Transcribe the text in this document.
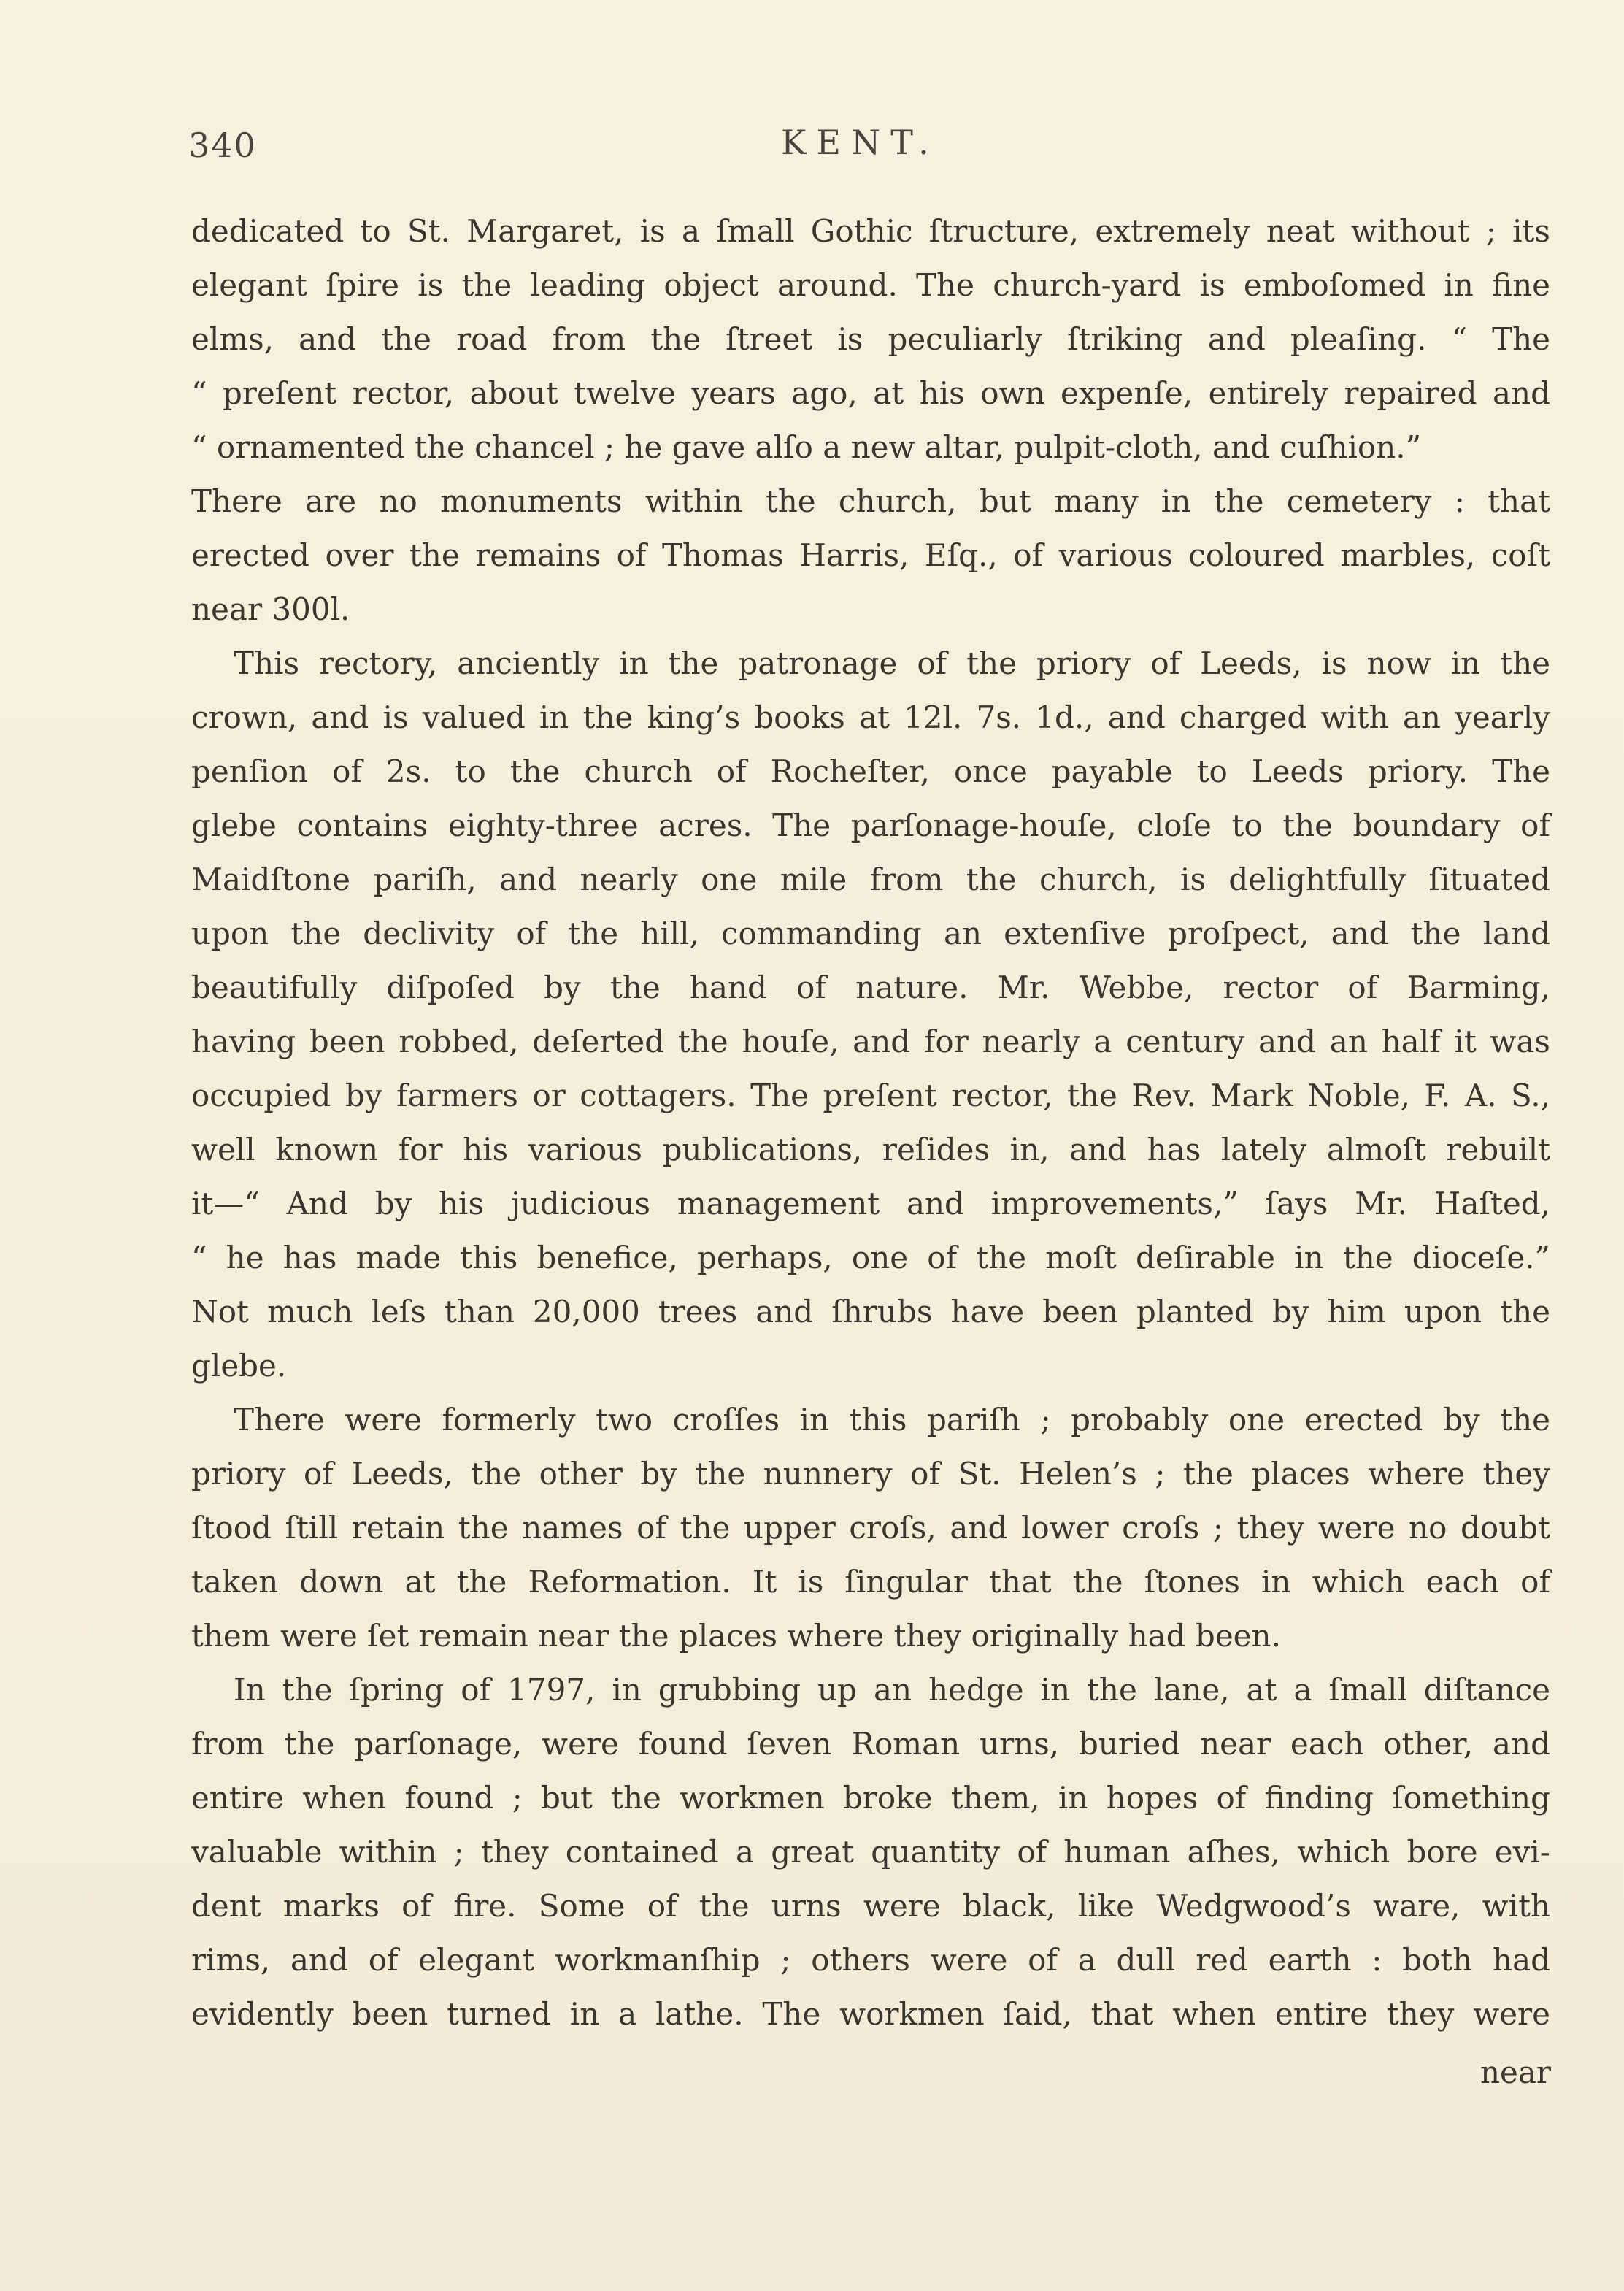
340	KENT.
dedicated to St. Margaret, is a ſmall Gothic ſtructure, extremely neat without ; its
elegant ſpire is the leading object around. The church-yard is emboſomed in fine
elms, and the road from the ſtreet is peculiarly ſtriking and pleaſing. “ The
“ preſent rector, about twelve years ago, at his own expenſe, entirely repaired and
“ ornamented the chancel ; he gave alſo a new altar, pulpit-cloth, and cuſhion.”
There are no monuments within the church, but many in the cemetery : that
erected over the remains of Thomas Harris, Eſq., of various coloured marbles, coſt
near 300l.
This rectory, anciently in the patronage of the priory of Leeds, is now in the
crown, and is valued in the king’s books at 12l. 7s. 1d., and charged with an yearly
penſion of 2s. to the church of Rocheſter, once payable to Leeds priory. The
glebe contains eighty-three acres. The parſonage-houſe, cloſe to the boundary of
Maidſtone pariſh, and nearly one mile from the church, is delightfully ſituated
upon the declivity of the hill, commanding an extenſive proſpect, and the land
beautifully diſpoſed by the hand of nature. Mr. Webbe, rector of Barming,
having been robbed, deſerted the houſe, and for nearly a century and an half it was
occupied by farmers or cottagers. The preſent rector, the Rev. Mark Noble, F. A. S.,
well known for his various publications, reſides in, and has lately almoſt rebuilt
it—“ And by his judicious management and improvements,” ſays Mr. Haſted,
“ he has made this benefice, perhaps, one of the moſt deſirable in the dioceſe.”
Not much leſs than 20,000 trees and ſhrubs have been planted by him upon the
glebe.
There were formerly two croſſes in this pariſh ; probably one erected by the
priory of Leeds, the other by the nunnery of St. Helen’s ; the places where they
ſtood ſtill retain the names of the upper croſs, and lower croſs ; they were no doubt
taken down at the Reformation. It is ſingular that the ſtones in which each of
them were ſet remain near the places where they originally had been.
In the ſpring of 1797, in grubbing up an hedge in the lane, at a ſmall diſtance
from the parſonage, were found ſeven Roman urns, buried near each other, and
entire when found ; but the workmen broke them, in hopes of finding ſomething
valuable within ; they contained a great quantity of human aſhes, which bore evi-
dent marks of fire. Some of the urns were black, like Wedgwood’s ware, with
rims, and of elegant workmanſhip ; others were of a dull red earth : both had
evidently been turned in a lathe. The workmen ſaid, that when entire they were
near
